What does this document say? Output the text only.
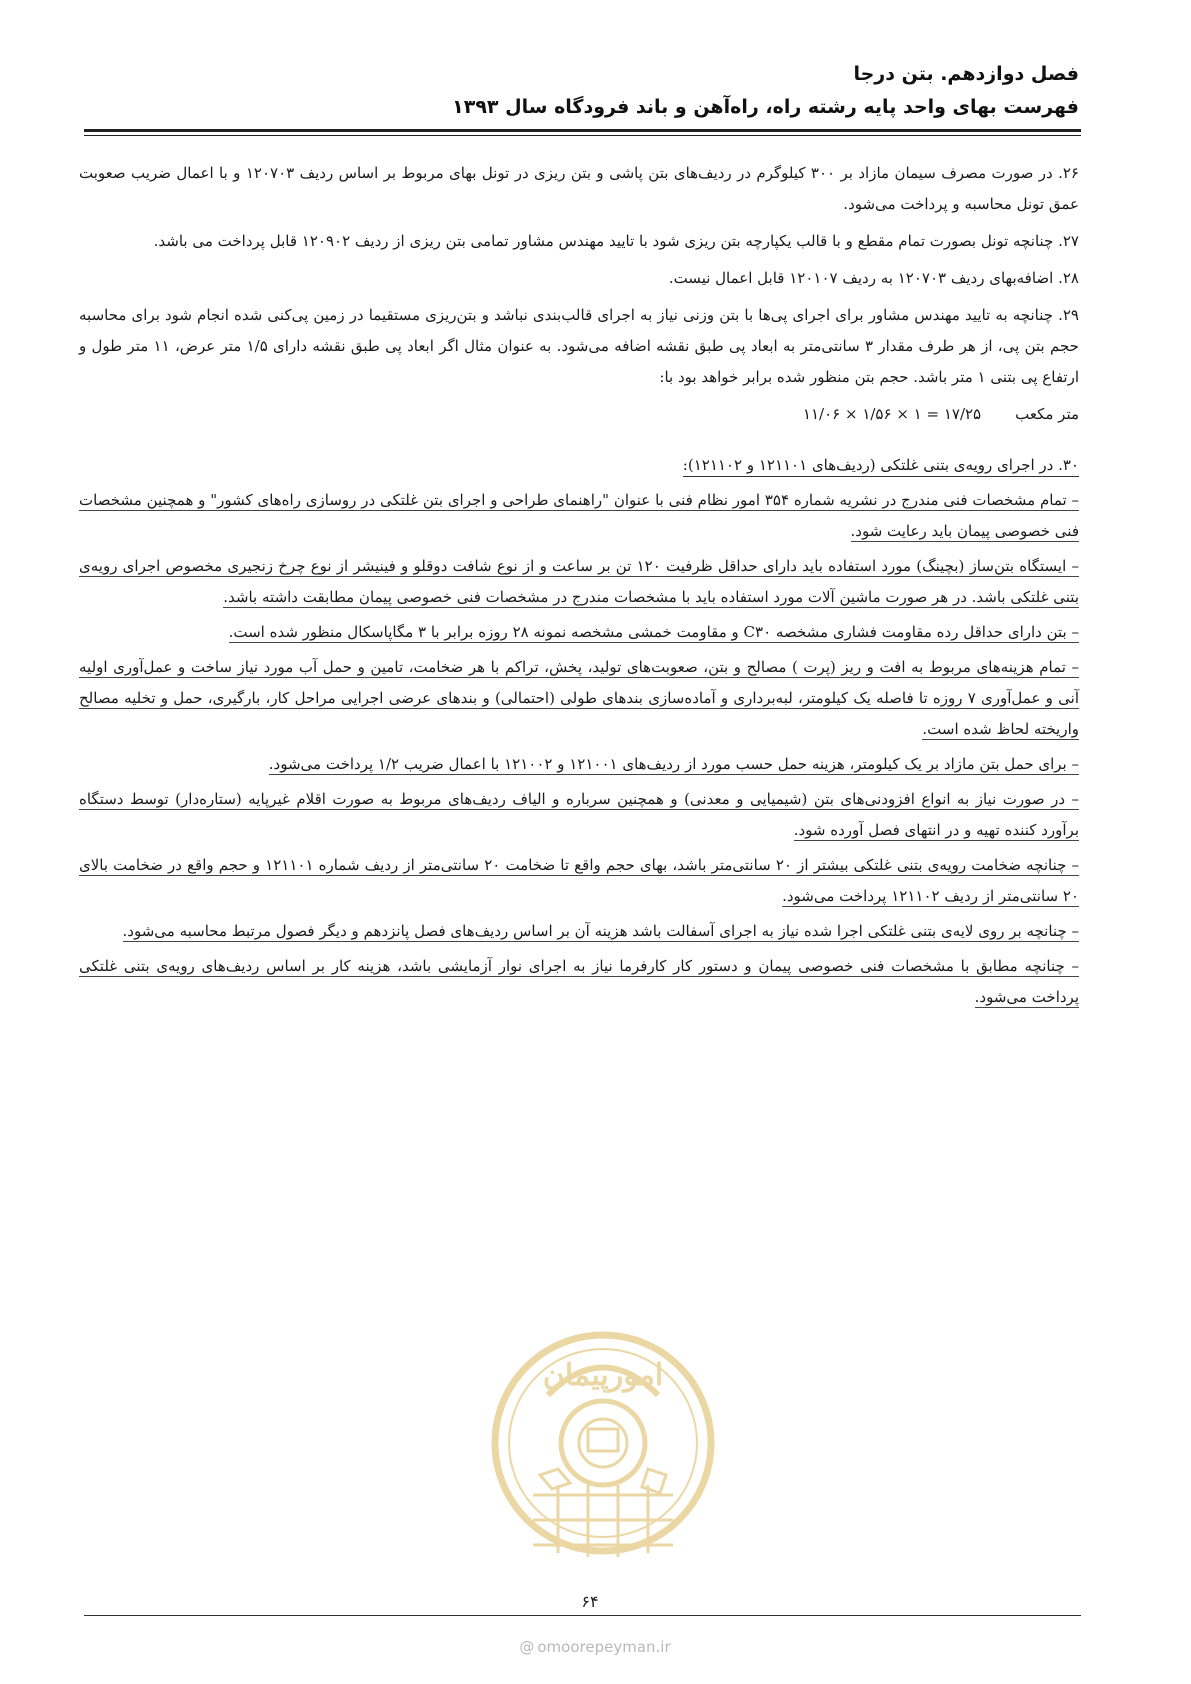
فصل دوازدهم. بتن درجا
فهرست بهای واحد پایه رشته راه، راه‌آهن و باند فرودگاه سال ۱۳۹۳

۲۶. در صورت مصرف سیمان مازاد بر ۳۰۰ کیلوگرم در ردیف‌های بتن پاشی و بتن ریزی در تونل بهای مربوط بر اساس ردیف ۱۲۰۷۰۳ و با اعمال ضریب صعوبت عمق تونل محاسبه و پرداخت می‌شود.

۲۷. چنانچه تونل بصورت تمام مقطع و با قالب یکپارچه بتن ریزی شود با تایید مهندس مشاور تمامی بتن ریزی از ردیف ۱۲۰۹۰۲ قابل پرداخت می باشد.

۲۸. اضافه‌بهای ردیف ۱۲۰۷۰۳ به ردیف ۱۲۰۱۰۷ قابل اعمال نیست.

۲۹. چنانچه به تایید مهندس مشاور برای اجرای پی‌ها با بتن وزنی نیاز به اجرای قالب‌بندی نباشد و بتن‌ریزی مستقیما در زمین پی‌کنی شده انجام شود برای محاسبه حجم بتن پی، از هر طرف مقدار ۳ سانتی‌متر به ابعاد پی طبق نقشه اضافه می‌شود. به عنوان مثال اگر ابعاد پی طبق نقشه دارای ۱/۵ متر عرض، ۱۱ متر طول و ارتفاع پی بتنی ۱ متر باشد. حجم بتن منظور شده برابر خواهد بود با:

متر مکعب
۱۷/۲۵ = ۱ × ۱/۵۶ × ۱۱/۰۶

۳۰. در اجرای رویه‌ی بتنی غلتکی (ردیف‌های ۱۲۱۱۰۱ و ۱۲۱۱۰۲):

– تمام مشخصات فنی مندرج در نشریه شماره ۳۵۴ امور نظام فنی با عنوان "راهنمای طراحی و اجرای بتن غلتکی در روسازی راه‌های کشور" و همچنین مشخصات فنی خصوصی پیمان باید رعایت شود.

– ایستگاه بتن‌ساز (بچینگ) مورد استفاده باید دارای حداقل ظرفیت ۱۲۰ تن بر ساعت و از نوع شافت دوقلو و فینیشر از نوع چرخ زنجیری مخصوص اجرای رویه‌ی بتنی غلتکی باشد. در هر صورت ماشین آلات مورد استفاده باید با مشخصات مندرج در مشخصات فنی خصوصی پیمان مطابقت داشته باشد.

– بتن دارای حداقل رده مقاومت فشاری مشخصه C۳۰ و مقاومت خمشی مشخصه نمونه ۲۸ روزه برابر با ۳ مگاپاسکال منظور شده است.

– تمام هزینه‌های مربوط به افت و ریز (پرت ) مصالح و بتن، صعوبت‌های تولید، پخش، تراکم با هر ضخامت، تامین و حمل آب مورد نیاز ساخت و عمل‌آوری اولیه آنی و عمل‌آوری ۷ روزه تا فاصله یک کیلومتر، لبه‌برداری و آماده‌سازی بندهای طولی (احتمالی) و بندهای عرضی اجرایی مراحل کار، بارگیری، حمل و تخلیه مصالح واریخته لحاظ شده است.

– برای حمل بتن مازاد بر یک کیلومتر، هزینه حمل حسب مورد از ردیف‌های ۱۲۱۰۰۱ و ۱۲۱۰۰۲ با اعمال ضریب ۱/۲ پرداخت می‌شود.

– در صورت نیاز به انواع افزودنی‌های بتن (شیمیایی و معدنی) و همچنین سرباره و الیاف ردیف‌های مربوط به صورت اقلام غیرپایه (ستاره‌دار) توسط دستگاه برآورد کننده تهیه و در انتهای فصل آورده شود.

– چنانچه ضخامت رویه‌ی بتنی غلتکی بیشتر از ۲۰ سانتی‌متر باشد، بهای حجم واقع تا ضخامت ۲۰ سانتی‌متر از ردیف شماره ۱۲۱۱۰۱ و حجم واقع در ضخامت بالای ۲۰ سانتی‌متر از ردیف ۱۲۱۱۰۲ پرداخت می‌شود.

– چنانچه بر روی لایه‌ی بتنی غلتکی اجرا شده نیاز به اجرای آسفالت باشد هزینه آن بر اساس ردیف‌های فصل پانزدهم و دیگر فصول مرتبط محاسبه می‌شود.

– چنانچه مطابق با مشخصات فنی خصوصی پیمان و دستور کار کارفرما نیاز به اجرای نوار آزمایشی باشد، هزینه کار بر اساس ردیف‌های رویه‌ی بتنی غلتکی پرداخت می‌شود.

امورپیمان
۶۴
@ omoorepeyman.ir
